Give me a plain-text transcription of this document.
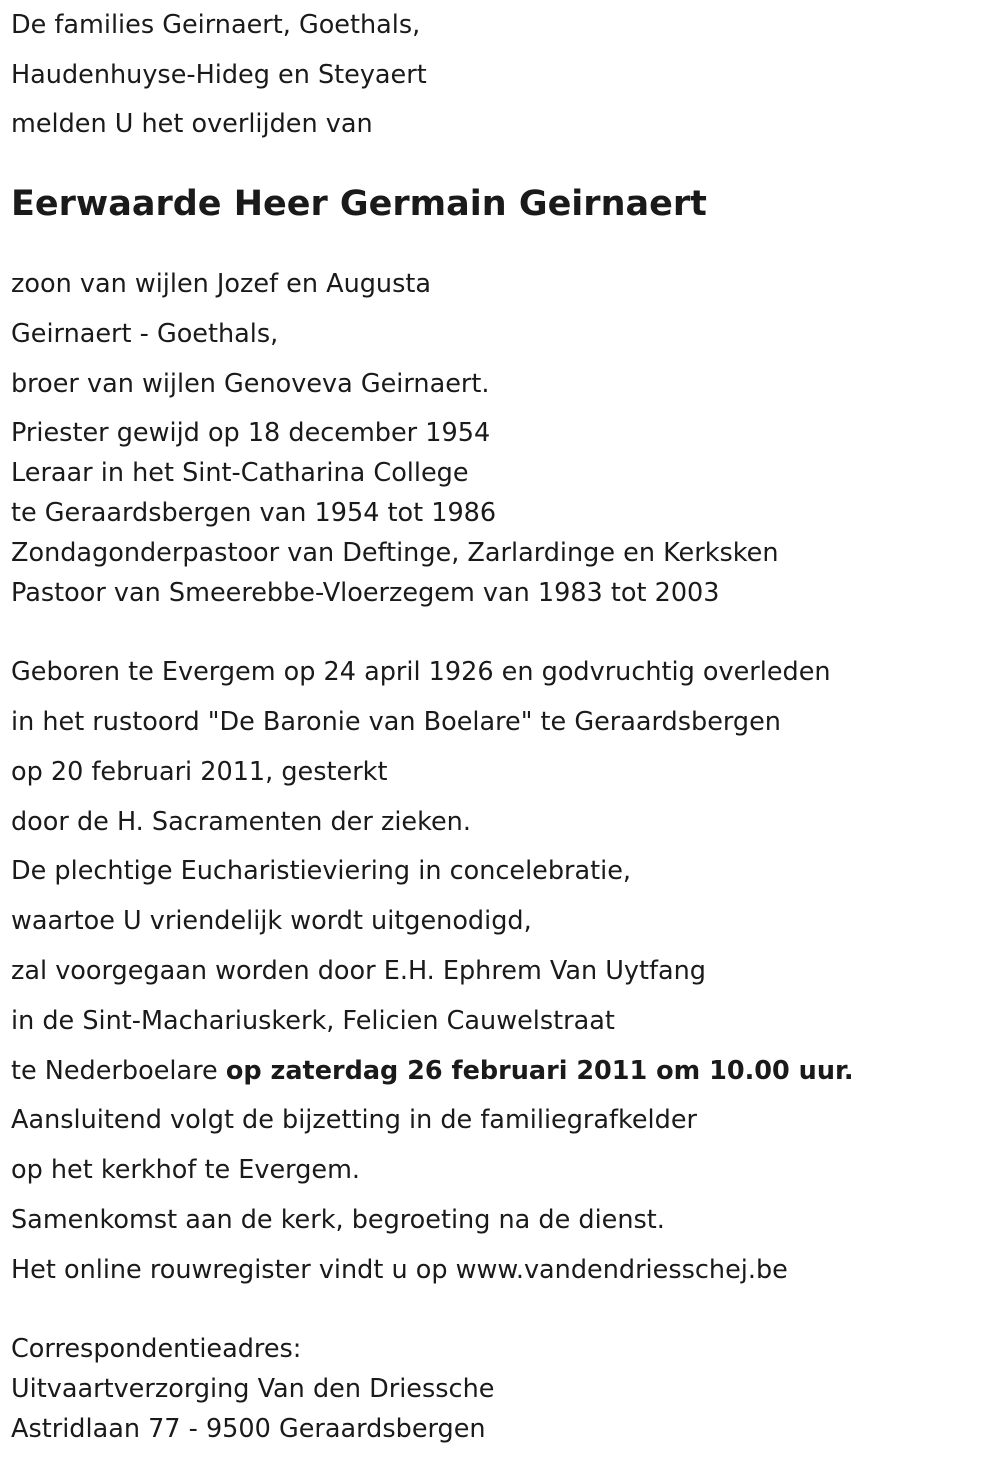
De families Geirnaert, Goethals,

Haudenhuyse-Hideg en Steyaert

melden U het overlijden van

Eerwaarde Heer Germain Geirnaert

zoon van wijlen Jozef en Augusta

Geirnaert - Goethals,

broer van wijlen Genoveva Geirnaert.

Priester gewijd op 18 december 1954

Leraar in het Sint-Catharina College

te Geraardsbergen van 1954 tot 1986

Zondagonderpastoor van Deftinge, Zarlardinge en Kerksken

Pastoor van Smeerebbe-Vloerzegem van 1983 tot 2003

Geboren te Evergem op 24 april 1926 en godvruchtig overleden

in het rustoord "De Baronie van Boelare" te Geraardsbergen

op 20 februari 2011, gesterkt

door de H. Sacramenten der zieken.

De plechtige Eucharistieviering in concelebratie,

waartoe U vriendelijk wordt uitgenodigd,

zal voorgegaan worden door E.H. Ephrem Van Uytfang

in de Sint-Machariuskerk, Felicien Cauwelstraat

te Nederboelare op zaterdag 26 februari 2011 om 10.00 uur.

Aansluitend volgt de bijzetting in de familiegrafkelder

op het kerkhof te Evergem.

Samenkomst aan de kerk, begroeting na de dienst.

Het online rouwregister vindt u op www.vandendriesschej.be

Correspondentieadres:

Uitvaartverzorging Van den Driessche

Astridlaan 77 - 9500 Geraardsbergen
